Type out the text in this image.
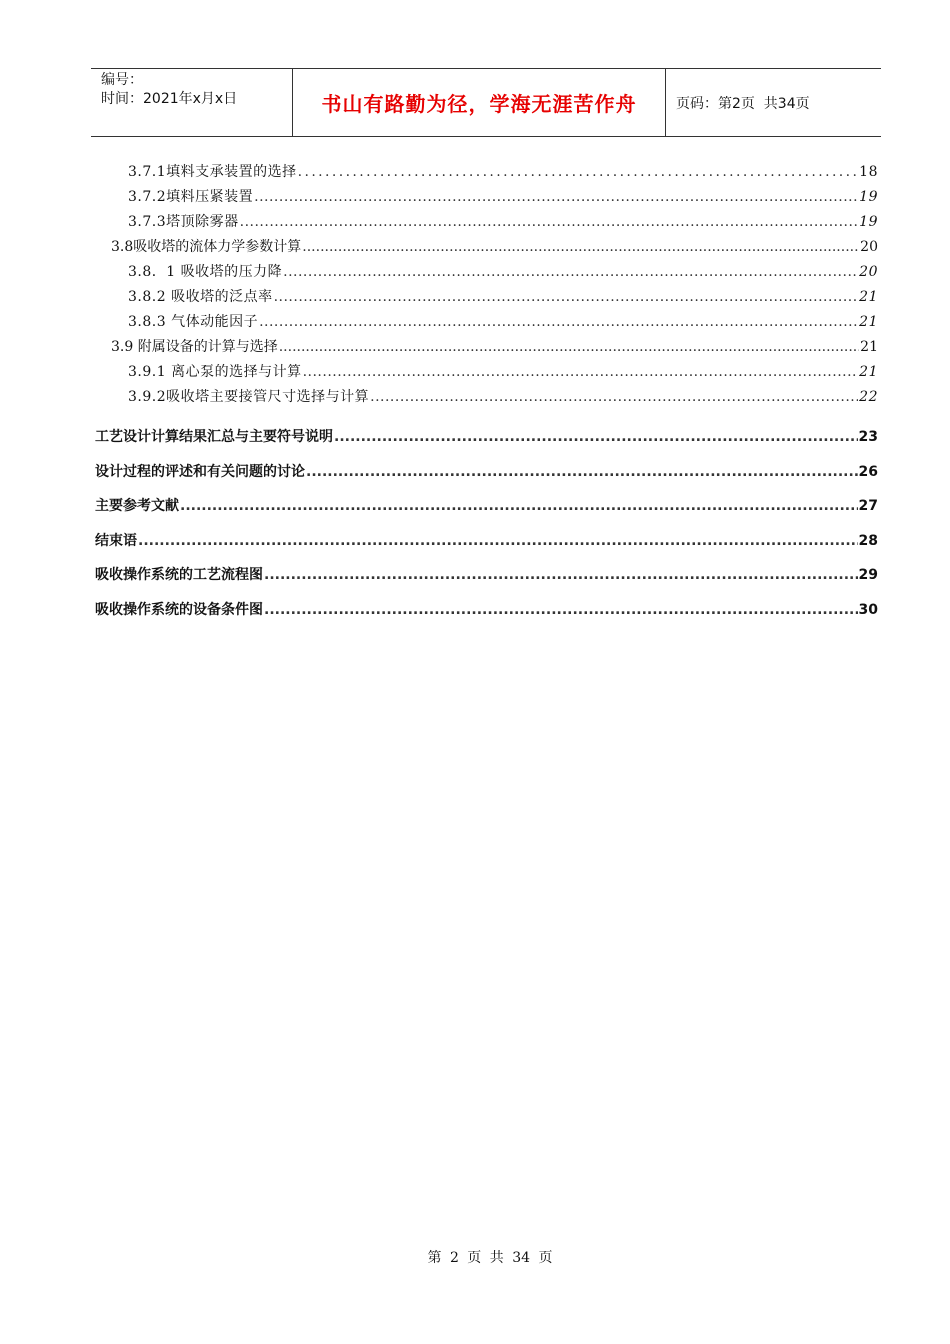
编号：
时间：2021年x月x日	书山有路勤为径，学海无涯苦作舟	页码：第2页  共34页
3.7.1填料支承装置的选择 .....	18
3.7.2填料压紧装置 .....	19
3.7.3塔顶除雾器 .....	19
3.8吸收塔的流体力学参数计算 .....	20
3.8．1 吸收塔的压力降 .....	20
3.8.2 吸收塔的泛点率 .....	21
3.8.3 气体动能因子 .....	21
3.9 附属设备的计算与选择 .....	21
3.9.1 离心泵的选择与计算 .....	21
3.9.2吸收塔主要接管尺寸选择与计算 .....	22
工艺设计计算结果汇总与主要符号说明 .....	23
设计过程的评述和有关问题的讨论 .....	26
主要参考文献 .....	27
结束语 .....	28
吸收操作系统的工艺流程图 .....	29
吸收操作系统的设备条件图 .....	30
第 2 页 共 34 页
